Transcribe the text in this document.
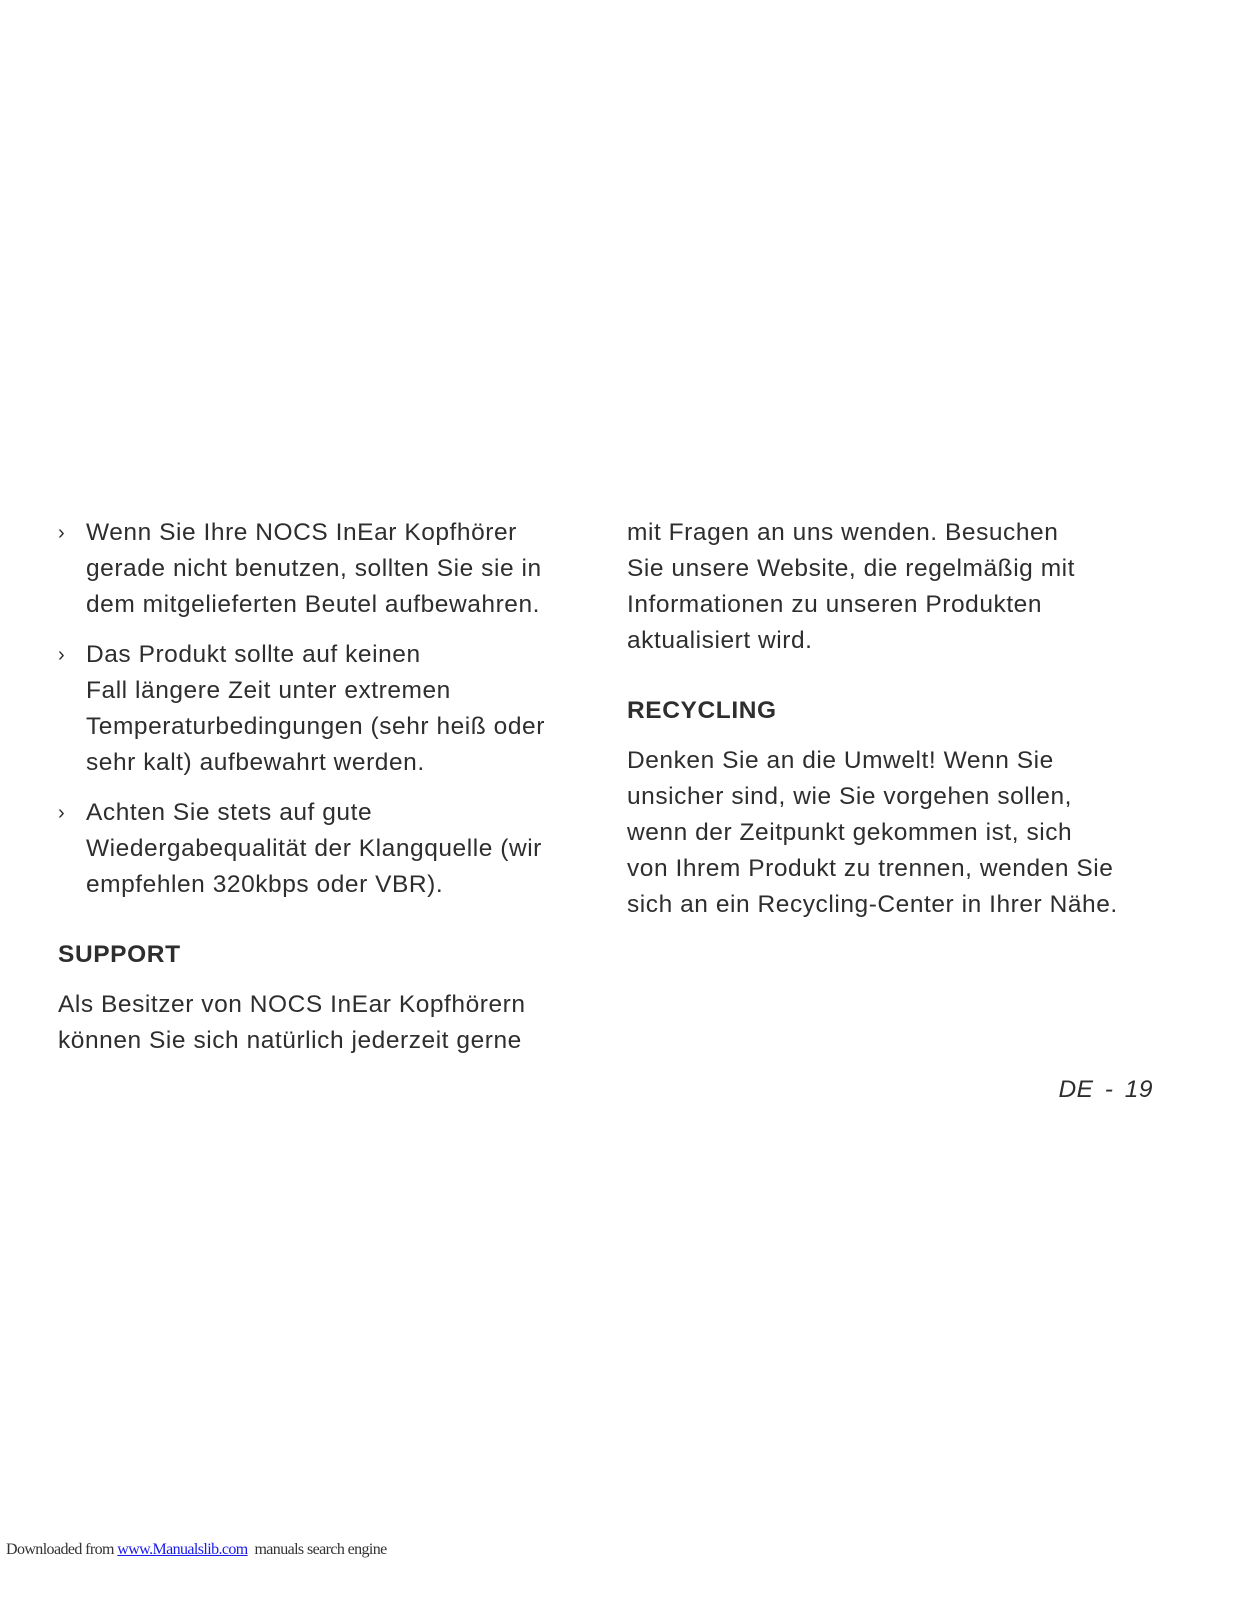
› Wenn Sie Ihre NOCS InEar Kopfhörer
gerade nicht benutzen, sollten Sie sie in
dem mitgelieferten Beutel aufbewahren.

› Das Produkt sollte auf keinen
Fall längere Zeit unter extremen
Temperaturbedingungen (sehr heiß oder
sehr kalt) aufbewahrt werden.

› Achten Sie stets auf gute
Wiedergabequalität der Klangquelle (wir
empfehlen 320kbps oder VBR).

SUPPORT

Als Besitzer von NOCS InEar Kopfhörern
können Sie sich natürlich jederzeit gerne

mit Fragen an uns wenden. Besuchen
Sie unsere Website, die regelmäßig mit
Informationen zu unseren Produkten
aktualisiert wird.

RECYCLING

Denken Sie an die Umwelt! Wenn Sie
unsicher sind, wie Sie vorgehen sollen,
wenn der Zeitpunkt gekommen ist, sich
von Ihrem Produkt zu trennen, wenden Sie
sich an ein Recycling-Center in Ihrer Nähe.

DE - 19
Downloaded from www.Manualslib.com  manuals search engine
